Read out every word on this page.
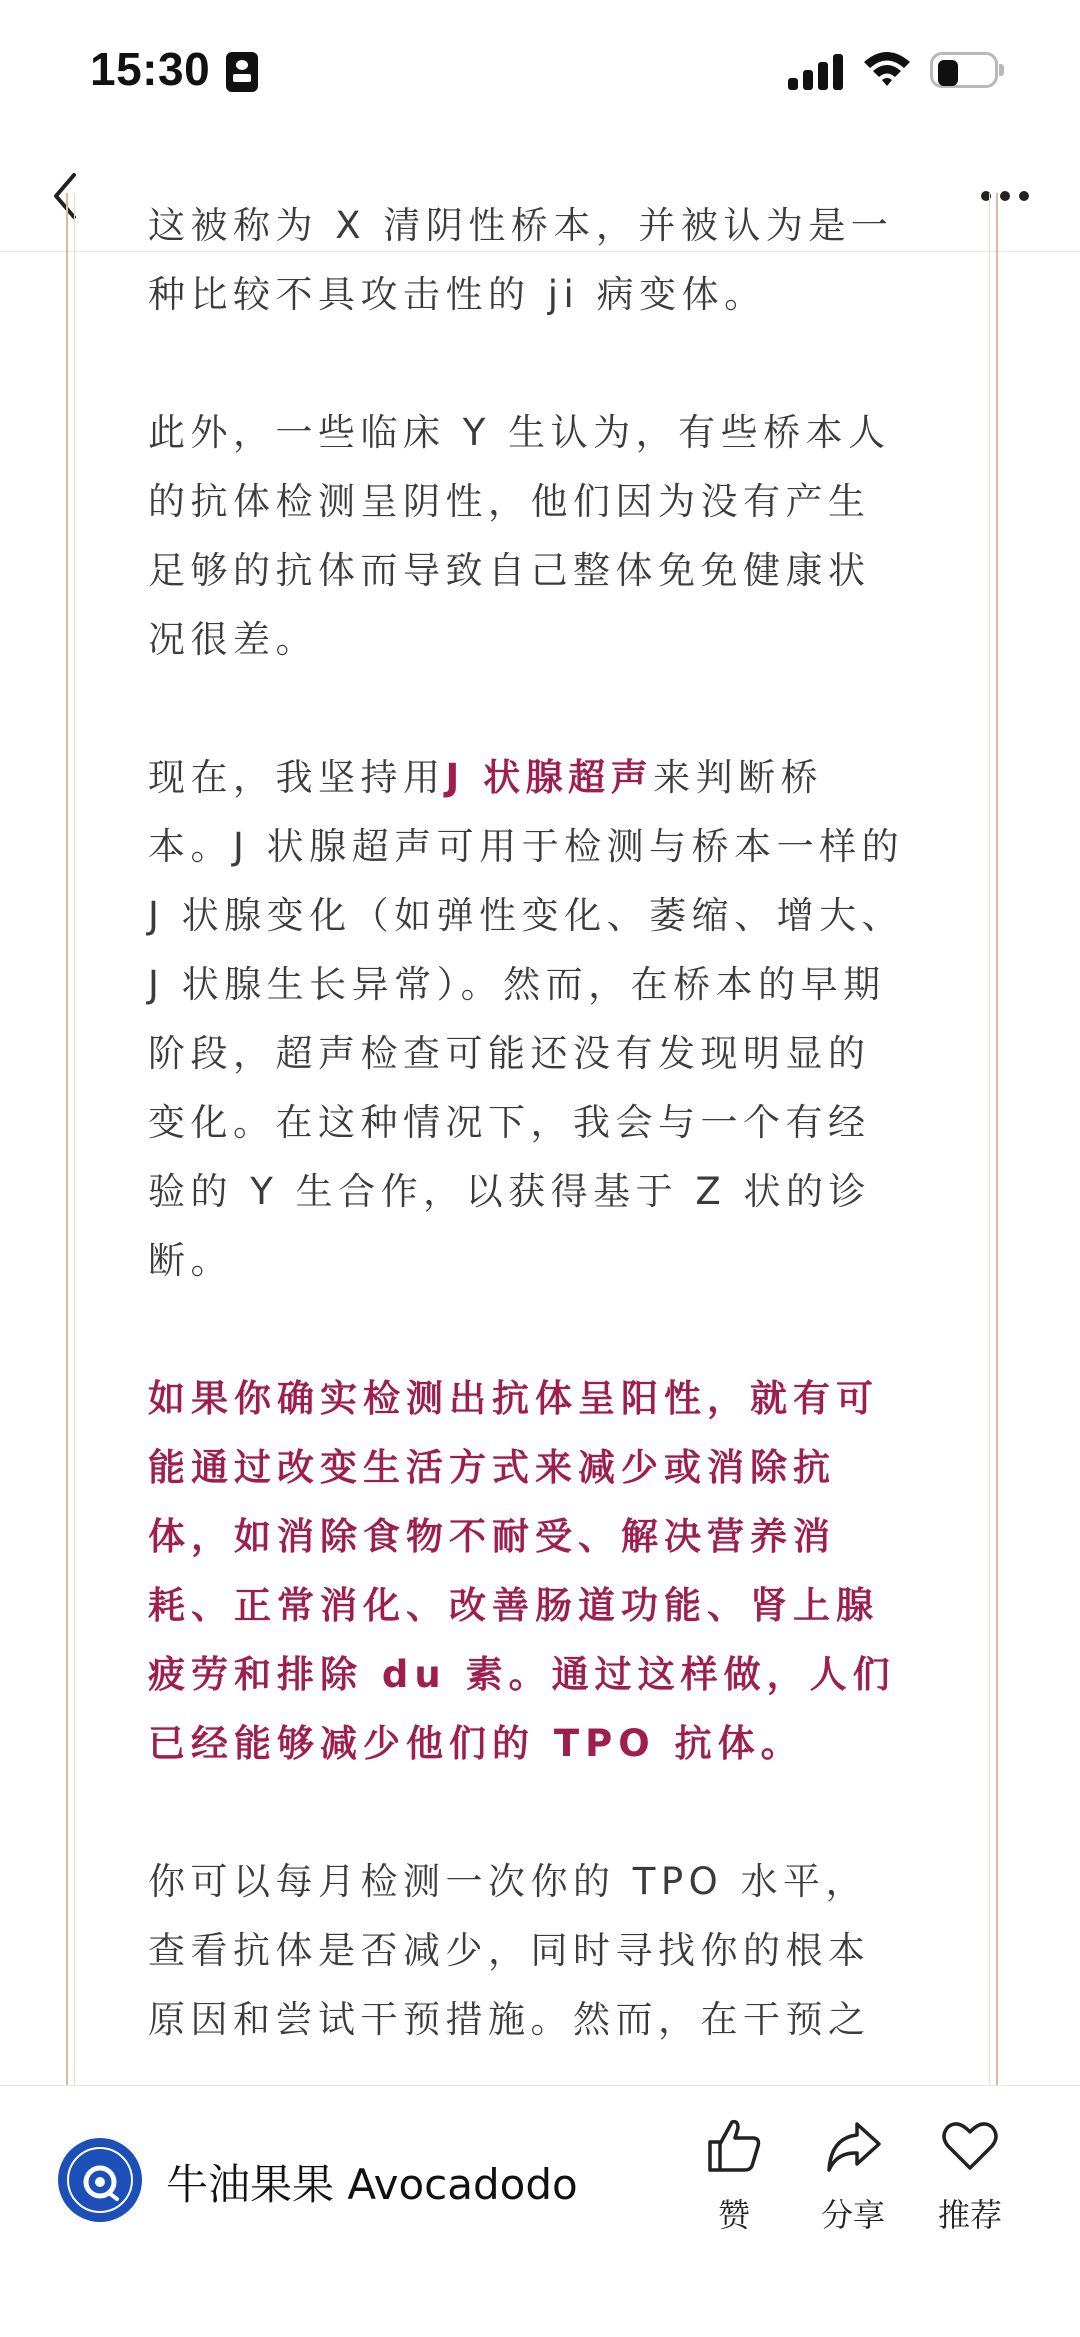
15:30

这被称为 X 清阴性桥本，并被认为是一种比较不具攻击性的 ji 病变体。

此外，一些临床 Y 生认为，有些桥本人的抗体检测呈阴性，他们因为没有产生足够的抗体而导致自己整体免免健康状况很差。

现在，我坚持用J 状腺超声来判断桥本。J 状腺超声可用于检测与桥本一样的 J 状腺变化（如弹性变化、萎缩、增大、J 状腺生长异常）。然而，在桥本的早期阶段，超声检查可能还没有发现明显的变化。在这种情况下，我会与一个有经验的 Y 生合作，以获得基于 Z 状的诊断。

如果你确实检测出抗体呈阳性，就有可能通过改变生活方式来减少或消除抗体，如消除食物不耐受、解决营养消耗、正常消化、改善肠道功能、肾上腺疲劳和排除 du 素。通过这样做，人们已经能够减少他们的 TPO 抗体。

你可以每月检测一次你的 TPO 水平，查看抗体是否减少，同时寻找你的根本原因和尝试干预措施。然而，在干预之

牛油果果 Avocadodo
赞 分享 推荐
